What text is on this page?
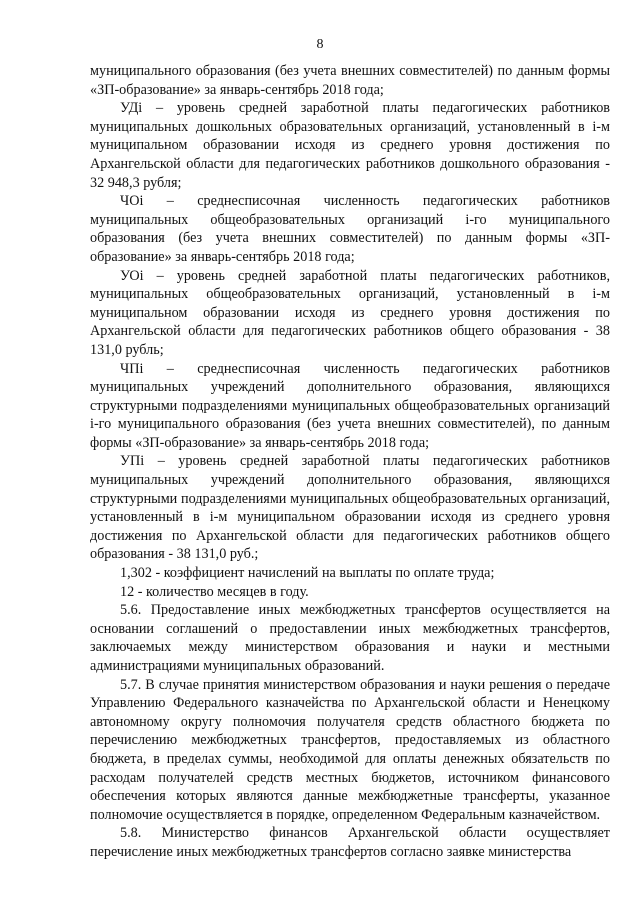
8

муниципального образования (без учета внешних совместителей) по данным формы «ЗП-образование» за январь-сентябрь 2018 года;

УДi – уровень средней заработной платы педагогических работников муниципальных дошкольных образовательных организаций, установленный в i-м муниципальном образовании исходя из среднего уровня достижения по Архангельской области для педагогических работников дошкольного образования - 32 948,3 рубля;

ЧОi – среднесписочная численность педагогических работников муниципальных общеобразовательных организаций i-го муниципального образования (без учета внешних совместителей) по данным формы «ЗП-образование» за январь-сентябрь 2018 года;

УОi – уровень средней заработной платы педагогических работников, муниципальных общеобразовательных организаций, установленный в i-м муниципальном образовании исходя из среднего уровня достижения по Архангельской области для педагогических работников общего образования - 38 131,0 рубль;

ЧПi – среднесписочная численность педагогических работников муниципальных учреждений дополнительного образования, являющихся структурными подразделениями муниципальных общеобразовательных организаций i-го муниципального образования (без учета внешних совместителей), по данным формы «ЗП-образование» за январь-сентябрь 2018 года;

УПi – уровень средней заработной платы педагогических работников муниципальных учреждений дополнительного образования, являющихся структурными подразделениями муниципальных общеобразовательных организаций, установленный в i-м муниципальном образовании исходя из среднего уровня достижения по Архангельской области для педагогических работников общего образования - 38 131,0 руб.;

1,302 - коэффициент начислений на выплаты по оплате труда;

12 - количество месяцев в году.

5.6. Предоставление иных межбюджетных трансфертов осуществляется на основании соглашений о предоставлении иных межбюджетных трансфертов, заключаемых между министерством образования и науки и местными администрациями муниципальных образований.

5.7. В случае принятия министерством образования и науки решения о передаче Управлению Федерального казначейства по Архангельской области и Ненецкому автономному округу полномочия получателя средств областного бюджета по перечислению межбюджетных трансфертов, предоставляемых из областного бюджета, в пределах суммы, необходимой для оплаты денежных обязательств по расходам получателей средств местных бюджетов, источником финансового обеспечения которых являются данные межбюджетные трансферты, указанное полномочие осуществляется в порядке, определенном Федеральным казначейством.

5.8. Министерство финансов Архангельской области осуществляет перечисление иных межбюджетных трансфертов согласно заявке министерства
